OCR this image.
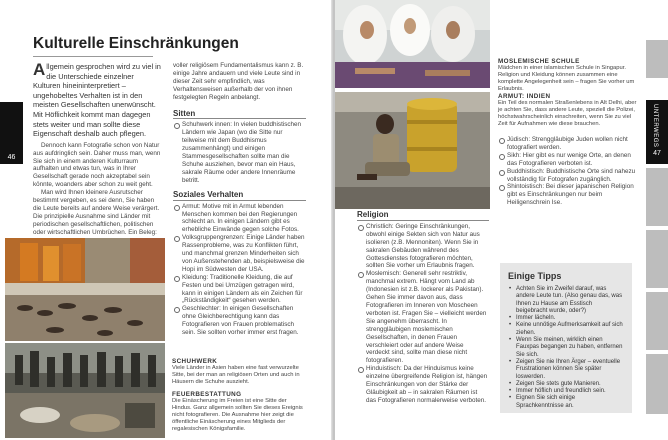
46
Kulturelle Einschränkungen
Allgemein gesprochen wird zu viel in die Unterschiede einzelner Kulturen hineininterpretiert – ungehobeltes Verhalten ist in den meisten Gesellschaften unerwünscht. Mit Höflichkeit kommt man dagegen stets weiter und man sollte diese Eigenschaft deshalb auch pflegen.

Dennoch kann Fotografie schon von Natur aus aufdringlich sein. Daher muss man, wenn Sie sich in einem anderen Kulturraum aufhalten und etwas tun, was in Ihrer Gesellschaft gerade noch akzeptabel sein könnte, woanders aber schon zu weit geht.

Man wird Ihnen kleinere Ausrutscher bestimmt vergeben, es sei denn, Sie haben die Leute bereits auf andere Weise verärgert. Die prinzipielle Ausnahme sind Länder mit periodischen gesellschaftlichen, politischen oder wirtschaftlichen Umbrüchen. Ein Beleg:

voller religiösem Fundamentalismus kann z. B. einige Jahre andauern und viele Leute sind in dieser Zeit sehr empfindlich, was Verhaltensweisen außerhalb der von ihnen festgelegten Regeln anbelangt.

Sitten

Schuhwerk innen: In vielen buddhistischen Ländern wie Japan (wo die Sitte nur teilweise mit dem Buddhismus zusammenhängt) und einigen Stammesgesellschaften sollte man die Schuhe ausziehen, bevor man ein Haus, sakrale Räume oder andere Innenräume betritt.

Soziales Verhalten

Armut: Motive mit in Armut lebenden Menschen kommen bei den Regierungen schlecht an. In einigen Ländern gibt es erhebliche Einwände gegen solche Fotos.

Volksgruppengrenzen: Einige Länder haben Rassenprobleme, was zu Konflikten führt, und manchmal grenzen Minderheiten sich von Außenstehenden ab, beispielsweise die Hopi im Südwesten der USA.

Kleidung: Traditionelle Kleidung, die auf Festen und bei Umzügen getragen wird, kann in einigen Ländern als ein Zeichen für „Rückständigkeit“ gesehen werden.

Geschlechter: In einigen Gesellschaften ohne Gleichberechtigung kann das Fotografieren von Frauen problematisch sein. Sie sollten vorher immer erst fragen.

SCHUHWERK
Viele Länder in Asien haben eine fast verwurzelte Sitte, bei der man an religiösen Orten und auch in Häusern die Schuhe auszieht.
FEUERBESTATTUNG
Die Einäscherung im Freien ist eine Sitte der Hindus. Ganz allgemein sollten Sie dieses Ereignis nicht fotografieren. Die Ausnahme hier zeigt die öffentliche Einäscherung eines Mitglieds der regalesischen Königsfamilie.
MOSLEMISCHE SCHULE
Mädchen in einer islamischen Schule in Singapur. Religion und Kleidung können zusammen eine komplette Angelegenheit sein – fragen Sie vorher um Erlaubnis.
ARMUT: INDIEN
Ein Teil des normalen Straßenlebens in Alt Delhi, aber je achten Sie, dass andere Leute, speziell die Polizei, höchstwahrscheinlich einschreiten, wenn Sie zu viel Zeit für Aufnahmen wie diese brauchen.

Jüdisch: Strenggläubige Juden wollen nicht fotografiert werden.

Sikh: Hier gibt es nur wenige Orte, an denen das Fotografieren verboten ist.

Buddhistisch: Buddhistische Orte sind nahezu vollständig für Fotografen zugänglich.

Shintoistisch: Bei dieser japanischen Religion gibt es Einschränkungen nur beim Heiligenschrein Ise.

Religion

Christlich: Geringe Einschränkungen, obwohl einige Sekten sich von Natur aus isolieren (z.B. Mennoniten). Wenn Sie in sakralen Gebäuden während des Gottesdienstes fotografieren möchten, sollten Sie vorher um Erlaubnis fragen.

Moslemisch: Generell sehr restriktiv, manchmal extrem. Hängt vom Land ab (Indonesien ist z.B. lockerer als Pakistan). Gehen Sie immer davon aus, dass Fotografieren im Inneren von Moscheen verboten ist. Fragen Sie – vielleicht werden Sie angenehm überrascht. In strenggläubigen moslemischen Gesellschaften, in denen Frauen verschleiert oder auf andere Weise verdeckt sind, sollte man diese nicht fotografieren.

Hinduistisch: Da der Hinduismus keine einzelne übergreifende Religion ist, hängen Einschränkungen von der Stärke der Gläubigkeit ab – in sakralen Räumen ist das Fotografieren normalerweise verboten.

Einige Tipps

• Achten Sie im Zweifel darauf, was andere Leute tun. (Also genau das, was Ihnen zu Hause am Esstisch beigebracht wurde, oder?)

• Immer lächeln.

• Keine unnötige Aufmerksamkeit auf sich ziehen.

• Wenn Sie meinen, wirklich einen Fauxpas begangen zu haben, entfernen Sie sich.

• Zeigen Sie nie Ihren Ärger – eventuelle Frustrationen können Sie später loswerden.

• Zeigen Sie stets gute Manieren.

• Immer höflich und freundlich sein.

• Eignen Sie sich einige Sprachkenntnisse an.

UNTERWEGS
47
